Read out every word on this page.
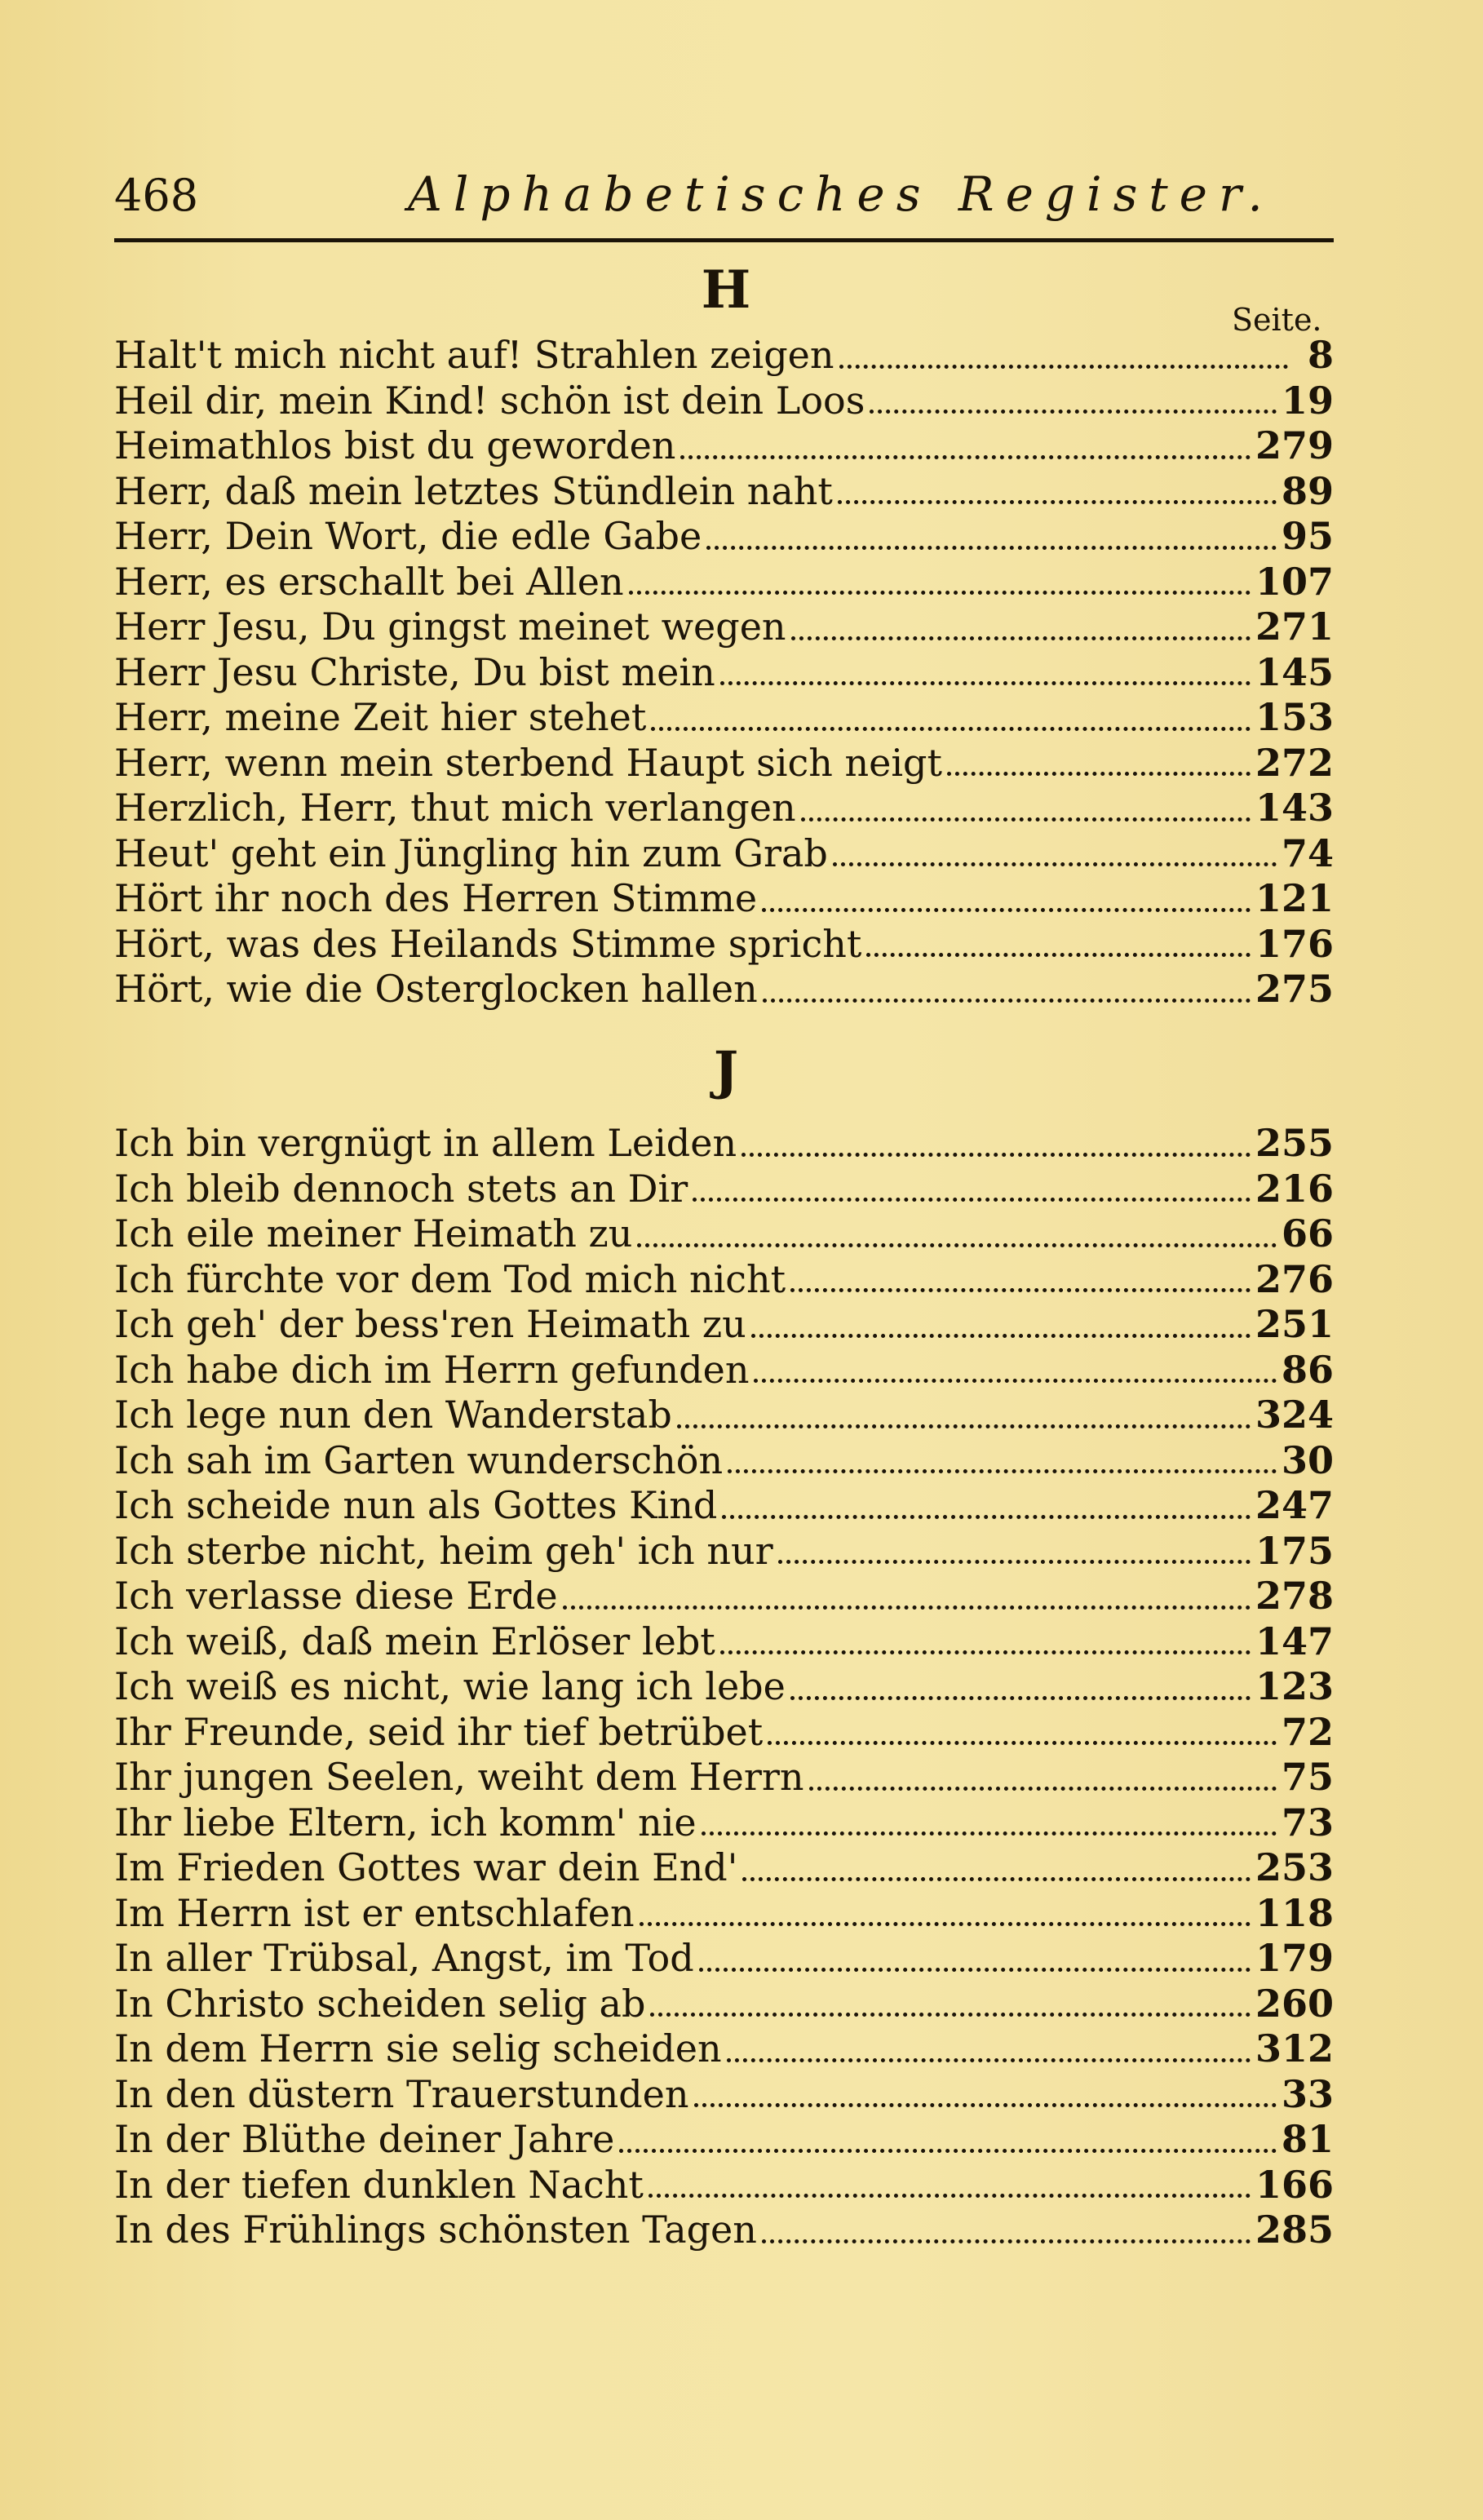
468	Alphabetisches Register.
H	Seite.
Halt't mich nicht auf! Strahlen zeigen	8
Heil dir, mein Kind! schön ist dein Loos	19
Heimathlos bist du geworden	279
Herr, daß mein letztes Stündlein naht	89
Herr, Dein Wort, die edle Gabe	95
Herr, es erschallt bei Allen	107
Herr Jesu, Du gingst meinet wegen	271
Herr Jesu Christe, Du bist mein	145
Herr, meine Zeit hier stehet	153
Herr, wenn mein sterbend Haupt sich neigt	272
Herzlich, Herr, thut mich verlangen	143
Heut' geht ein Jüngling hin zum Grab	74
Hört ihr noch des Herren Stimme	121
Hört, was des Heilands Stimme spricht	176
Hört, wie die Osterglocken hallen	275
J
Ich bin vergnügt in allem Leiden	255
Ich bleib dennoch stets an Dir	216
Ich eile meiner Heimath zu	66
Ich fürchte vor dem Tod mich nicht	276
Ich geh' der bess'ren Heimath zu	251
Ich habe dich im Herrn gefunden	86
Ich lege nun den Wanderstab	324
Ich sah im Garten wunderschön	30
Ich scheide nun als Gottes Kind	247
Ich sterbe nicht, heim geh' ich nur	175
Ich verlasse diese Erde	278
Ich weiß, daß mein Erlöser lebt	147
Ich weiß es nicht, wie lang ich lebe	123
Ihr Freunde, seid ihr tief betrübet	72
Ihr jungen Seelen, weiht dem Herrn	75
Ihr liebe Eltern, ich komm' nie	73
Im Frieden Gottes war dein End'	253
Im Herrn ist er entschlafen	118
In aller Trübsal, Angst, im Tod	179
In Christo scheiden selig ab	260
In dem Herrn sie selig scheiden	312
In den düstern Trauerstunden	33
In der Blüthe deiner Jahre	81
In der tiefen dunklen Nacht	166
In des Frühlings schönsten Tagen	285
